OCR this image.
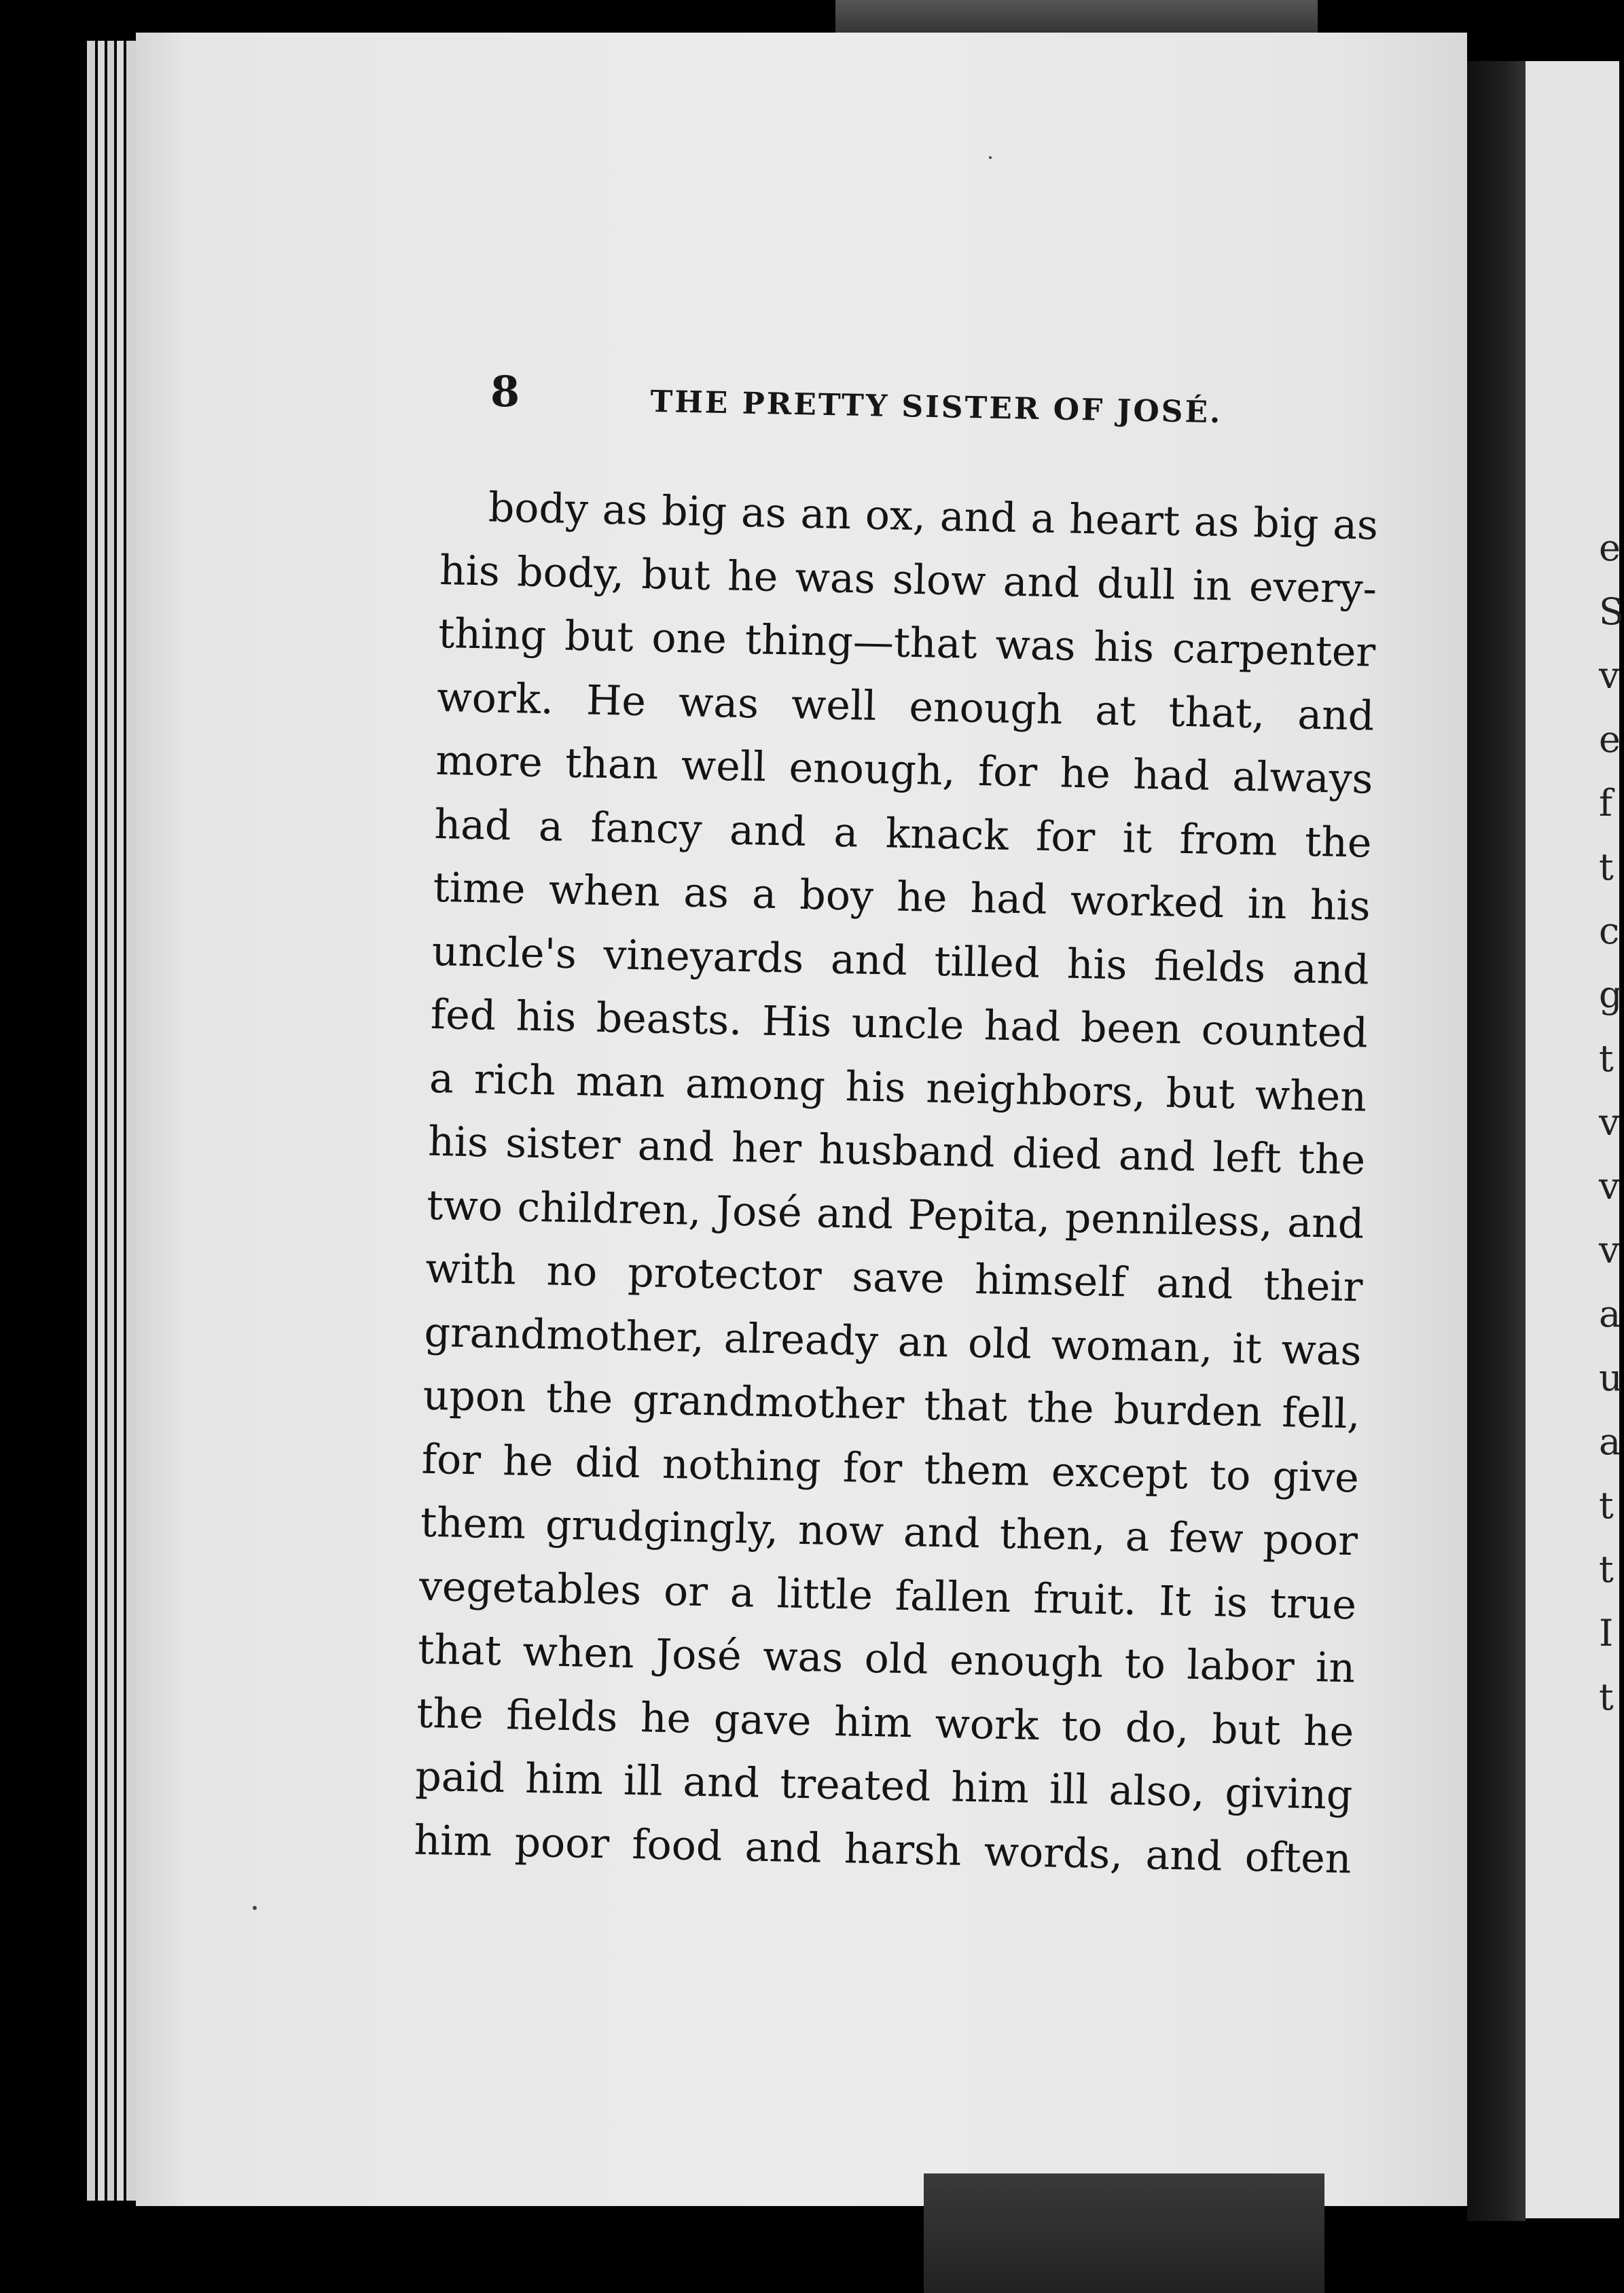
8	THE PRETTY SISTER OF JOSÉ.
body as big as an ox, and a heart as big as
his body, but he was slow and dull in every-
thing but one thing—that was his carpenter
work. He was well enough at that, and
more than well enough, for he had always
had a fancy and a knack for it from the
time when as a boy he had worked in his
uncle's vineyards and tilled his fields and
fed his beasts. His uncle had been counted
a rich man among his neighbors, but when
his sister and her husband died and left the
two children, José and Pepita, penniless, and
with no protector save himself and their
grandmother, already an old woman, it was
upon the grandmother that the burden fell,
for he did nothing for them except to give
them grudgingly, now and then, a few poor
vegetables or a little fallen fruit. It is true
that when José was old enough to labor in
the fields he gave him work to do, but he
paid him ill and treated him ill also, giving
him poor food and harsh words, and often
e
S
v
e
f
t
c
g
t
v
v
v
a
u
a
t
t
I
t
